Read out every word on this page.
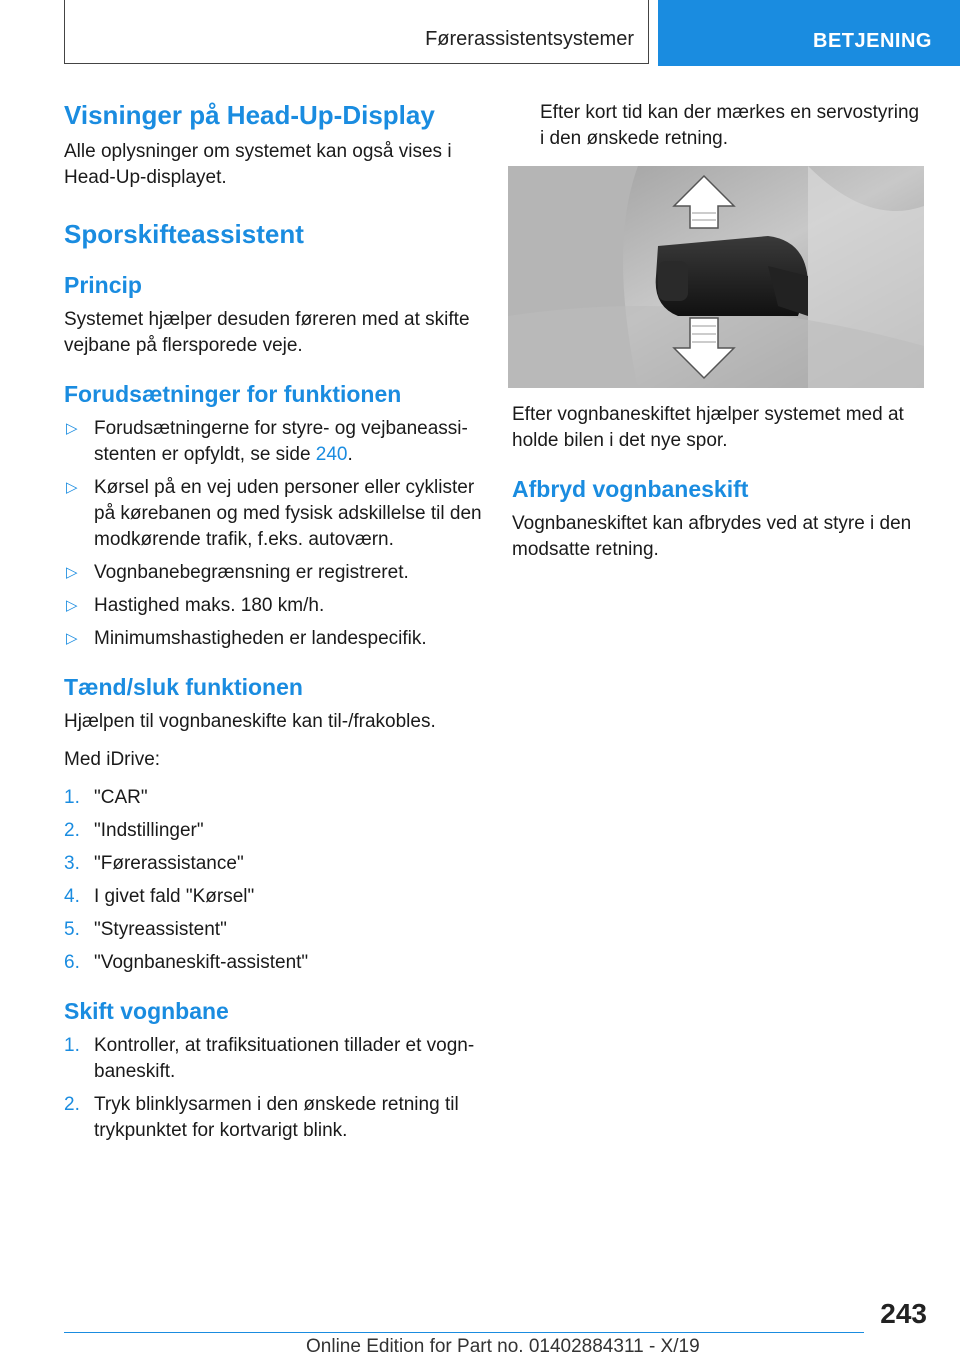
Førerassistentsystemer	BETJENING
Visninger på Head-Up-Display

Alle oplysninger om systemet kan også vises i Head-Up-displayet.

Sporskifteassistent
Princip

Systemet hjælper desuden føreren med at skifte vejbane på flersporede veje.

Forudsætninger for funktionen
▷ Forudsætningerne for styre- og vejbaneassi-stenten er opfyldt, se side 240.
▷ Kørsel på en vej uden personer eller cyklister på kørebanen og med fysisk adskillelse til den modkørende trafik, f.eks. autoværn.
▷ Vognbanebegrænsning er registreret.
▷ Hastighed maks. 180 km/h.
▷ Minimumshastigheden er landespecifik.
Tænd/sluk funktionen

Hjælpen til vognbaneskifte kan til-/frakobles.

Med iDrive:

1. "CAR"
2. "Indstillinger"
3. "Førerassistance"
4. I givet fald "Kørsel"
5. "Styreassistent"
6. "Vognbaneskift-assistent"
Skift vognbane
1. Kontroller, at trafiksituationen tillader et vogn-baneskift.
2. Tryk blinklysarmen i den ønskede retning til trykpunktet for kortvarigt blink.

Efter kort tid kan der mærkes en servostyring i den ønskede retning.

Efter vognbaneskiftet hjælper systemet med at holde bilen i det nye spor.

Afbryd vognbaneskift

Vognbaneskiftet kan afbrydes ved at styre i den modsatte retning.

243
Online Edition for Part no. 01402884311 - X/19
